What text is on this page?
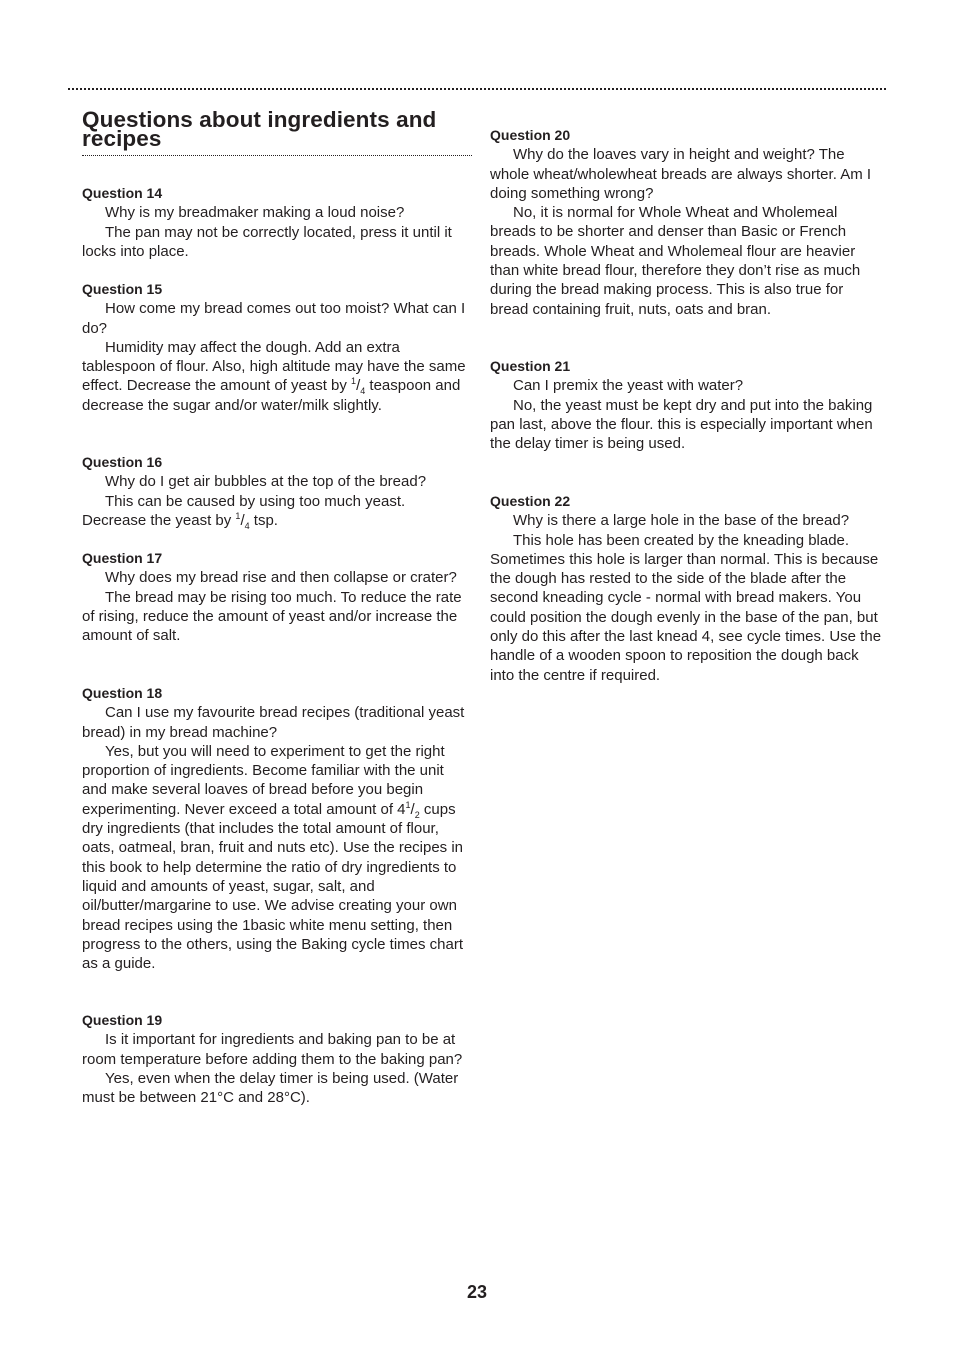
Questions about ingredients and recipes
Question 14

Why is my breadmaker making a loud noise?

The pan may not be correctly located, press it until it locks into place.

Question 15

How come my bread comes out too moist? What can I do?

Humidity may affect the dough. Add an extra tablespoon of flour. Also, high altitude may have the same effect. Decrease the amount of yeast by $^1/_4$ teaspoon and decrease the sugar and/or water/milk slightly.

Question 16

Why do I get air bubbles at the top of the bread?

This can be caused by using too much yeast. Decrease the yeast by $^1/_4$ tsp.

Question 17

Why does my bread rise and then collapse or crater?

The bread may be rising too much. To reduce the rate of rising, reduce the amount of yeast and/or increase the amount of salt.

Question 18

Can I use my favourite bread recipes (traditional yeast bread) in my bread machine?

Yes, but you will need to experiment to get the right proportion of ingredients. Become familiar with the unit and make several loaves of bread before you begin experimenting. Never exceed a total amount of $4^1/_2$ cups dry ingredients (that includes the total amount of flour, oats, oatmeal, bran, fruit and nuts etc). Use the recipes in this book to help determine the ratio of dry ingredients to liquid and amounts of yeast, sugar, salt, and oil/butter/margarine to use. We advise creating your own bread recipes using the 1basic white menu setting, then progress to the others, using the Baking cycle times chart as a guide.

Question 19

Is it important for ingredients and baking pan to be at room temperature before adding them to the baking pan?

Yes, even when the delay timer is being used. (Water must be between 21°C and 28°C).

Question 20

Why do the loaves vary in height and weight? The whole wheat/wholewheat breads are always shorter. Am I doing something wrong?

No, it is normal for Whole Wheat and Wholemeal breads to be shorter and denser than Basic or French breads. Whole Wheat and Wholemeal flour are heavier than white bread flour, therefore they don’t rise as much during the bread making process. This is also true for bread containing fruit, nuts, oats and bran.

Question 21

Can I premix the yeast with water?

No, the yeast must be kept dry and put into the baking pan last, above the flour. this is especially important when the delay timer is being used.

Question 22

Why is there a large hole in the base of the bread?

This hole has been created by the kneading blade. Sometimes this hole is larger than normal. This is because the dough has rested to the side of the blade after the second kneading cycle - normal with bread makers. You could position the dough evenly in the base of the pan, but only do this after the last knead 4, see cycle times. Use the handle of a wooden spoon to reposition the dough back into the centre if required.

23
